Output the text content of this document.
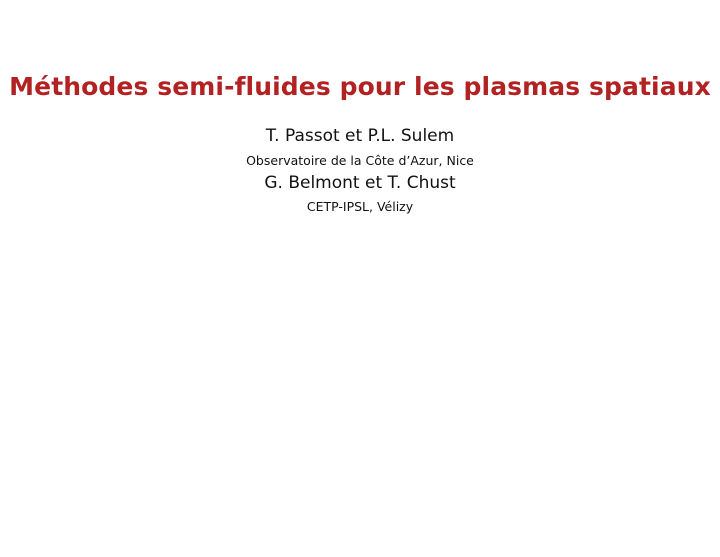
Méthodes semi-fluides pour les plasmas spatiaux
T. Passot et P.L. Sulem
Observatoire de la Côte d’Azur, Nice
G. Belmont et T. Chust
CETP-IPSL, Vélizy
